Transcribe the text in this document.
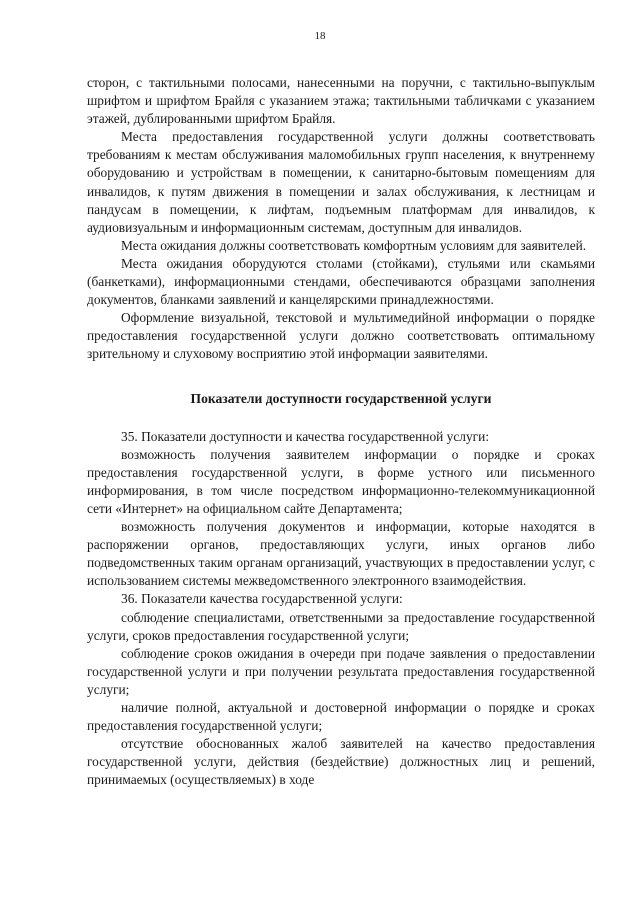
18

сторон, с тактильными полосами, нанесенными на поручни, с тактильно-выпуклым шрифтом и шрифтом Брайля с указанием этажа; тактильными табличками с указанием этажей, дублированными шрифтом Брайля.

Места предоставления государственной услуги должны соответствовать требованиям к местам обслуживания маломобильных групп населения, к внутреннему оборудованию и устройствам в помещении, к санитарно-бытовым помещениям для инвалидов, к путям движения в помещении и залах обслуживания, к лестницам и пандусам в помещении, к лифтам, подъемным платформам для инвалидов, к аудиовизуальным и информационным системам, доступным для инвалидов.

Места ожидания должны соответствовать комфортным условиям для заявителей.

Места ожидания оборудуются столами (стойками), стульями или скамьями (банкетками), информационными стендами, обеспечиваются образцами заполнения документов, бланками заявлений и канцелярскими принадлежностями.

Оформление визуальной, текстовой и мультимедийной информации о порядке предоставления государственной услуги должно соответствовать оптимальному зрительному и слуховому восприятию этой информации заявителями.

Показатели доступности государственной услуги

35. Показатели доступности и качества государственной услуги:

возможность получения заявителем информации о порядке и сроках предоставления государственной услуги, в форме устного или письменного информирования, в том числе посредством информационно-телекоммуникационной сети «Интернет» на официальном сайте Департамента;

возможность получения документов и информации, которые находятся в распоряжении органов, предоставляющих услуги, иных органов либо подведомственных таким органам организаций, участвующих в предоставлении услуг, с использованием системы межведомственного электронного взаимодействия.

36. Показатели качества государственной услуги:

соблюдение специалистами, ответственными за предоставление государственной услуги, сроков предоставления государственной услуги;

соблюдение сроков ожидания в очереди при подаче заявления о предоставлении государственной услуги и при получении результата предоставления государственной услуги;

наличие полной, актуальной и достоверной информации о порядке и сроках предоставления государственной услуги;

отсутствие обоснованных жалоб заявителей на качество предоставления государственной услуги, действия (бездействие) должностных лиц и решений, принимаемых (осуществляемых) в ходе
